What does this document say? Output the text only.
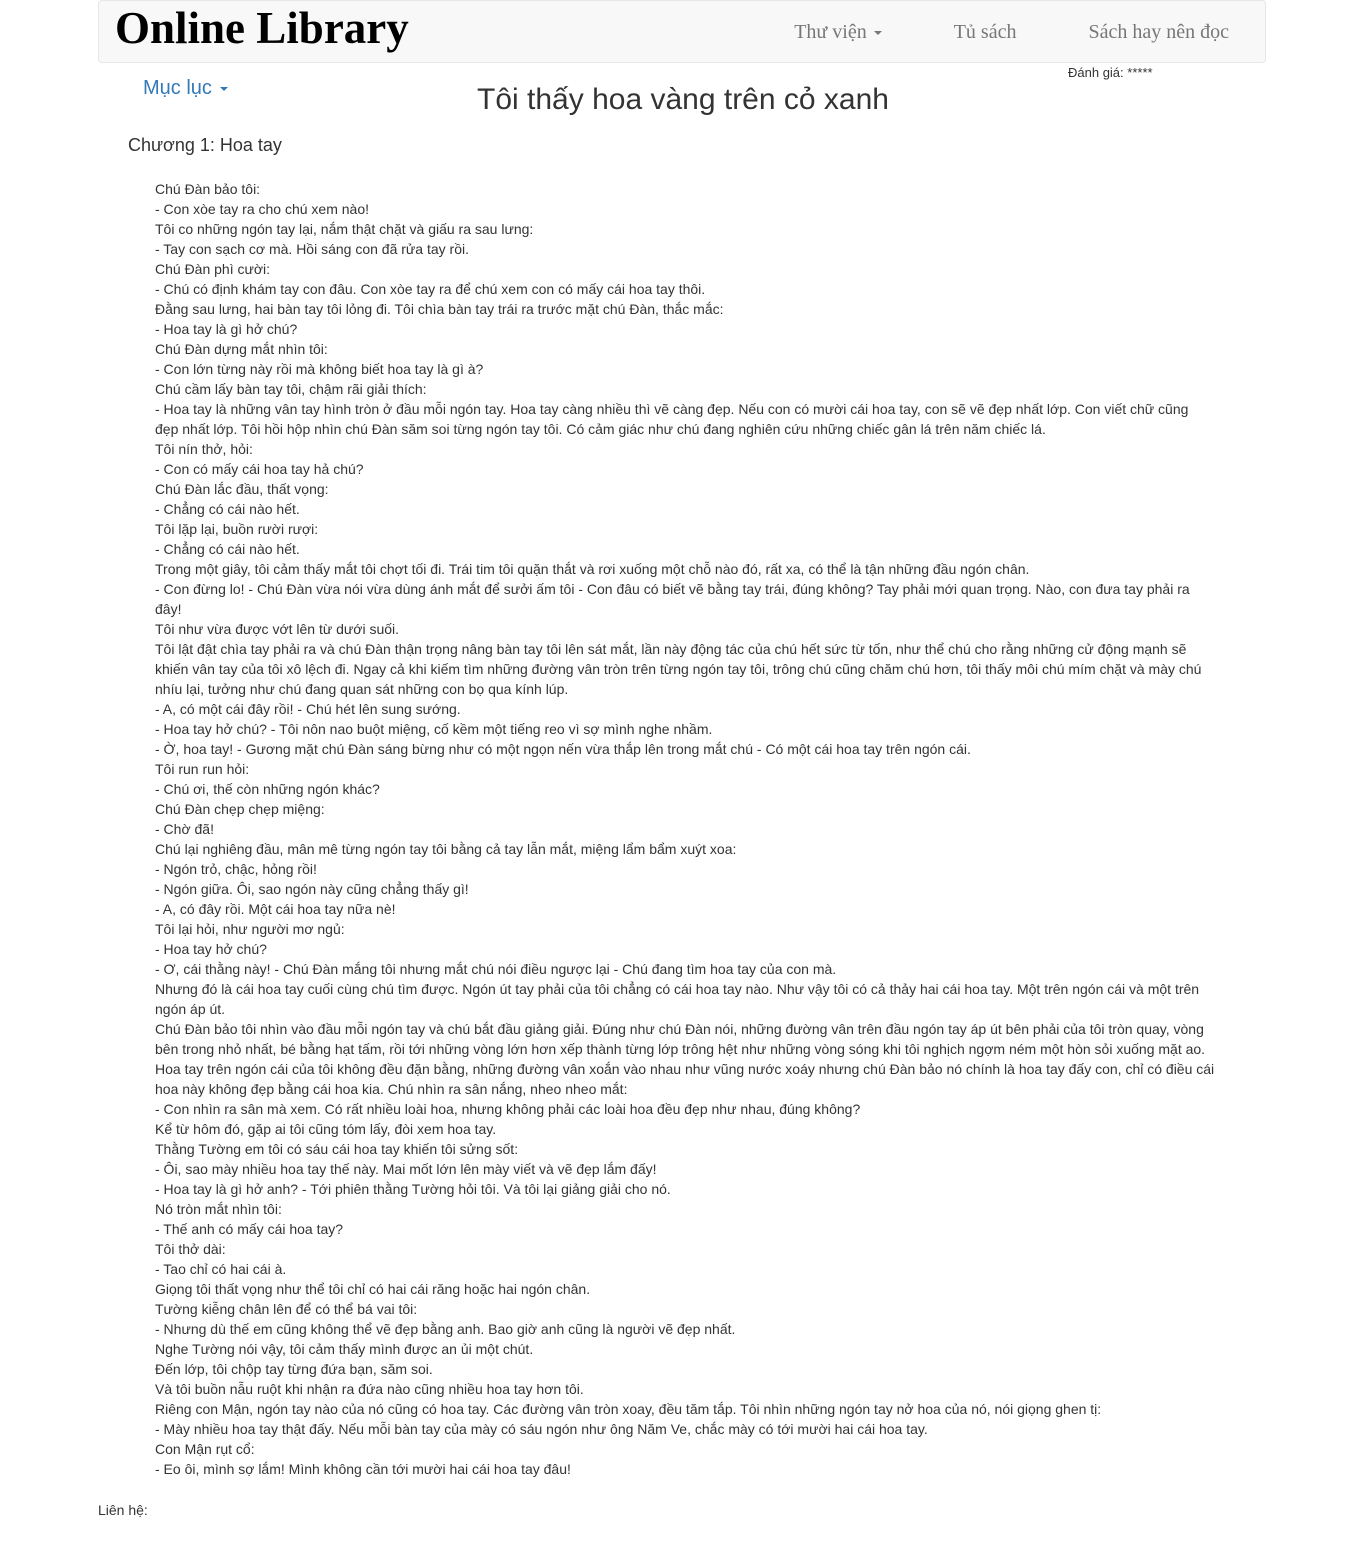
Online Library	Thư viện	Tủ sách	Sách hay nên đọc
Mục lục
Đánh giá: *****
Tôi thấy hoa vàng trên cỏ xanh
Chương 1: Hoa tay

Chú Đàn bảo tôi:

- Con xòe tay ra cho chú xem nào!

Tôi co những ngón tay lại, nắm thật chặt và giấu ra sau lưng:

- Tay con sạch cơ mà. Hồi sáng con đã rửa tay rồi.

Chú Đàn phì cười:

- Chú có định khám tay con đâu. Con xòe tay ra để chú xem con có mấy cái hoa tay thôi.

Đằng sau lưng, hai bàn tay tôi lỏng đi. Tôi chìa bàn tay trái ra trước mặt chú Đàn, thắc mắc:

- Hoa tay là gì hở chú?

Chú Đàn dựng mắt nhìn tôi:

- Con lớn từng này rồi mà không biết hoa tay là gì à?

Chú cầm lấy bàn tay tôi, chậm rãi giải thích:

- Hoa tay là những vân tay hình tròn ở đầu mỗi ngón tay. Hoa tay càng nhiều thì vẽ càng đẹp. Nếu con có mười cái hoa tay, con sẽ vẽ đẹp nhất lớp. Con viết chữ cũng đẹp nhất lớp. Tôi hồi hộp nhìn chú Đàn săm soi từng ngón tay tôi. Có cảm giác như chú đang nghiên cứu những chiếc gân lá trên năm chiếc lá.

Tôi nín thở, hỏi:

- Con có mấy cái hoa tay hả chú?

Chú Đàn lắc đầu, thất vọng:

- Chẳng có cái nào hết.

Tôi lặp lại, buồn rười rượi:

- Chẳng có cái nào hết.

Trong một giây, tôi cảm thấy mắt tôi chợt tối đi. Trái tim tôi quặn thắt và rơi xuống một chỗ nào đó, rất xa, có thể là tận những đầu ngón chân.

- Con đừng lo! - Chú Đàn vừa nói vừa dùng ánh mắt để sưởi ấm tôi - Con đâu có biết vẽ bằng tay trái, đúng không? Tay phải mới quan trọng. Nào, con đưa tay phải ra đây!

Tôi như vừa được vớt lên từ dưới suối.

Tôi lật đật chìa tay phải ra và chú Đàn thận trọng nâng bàn tay tôi lên sát mắt, lần này động tác của chú hết sức từ tốn, như thể chú cho rằng những cử động mạnh sẽ khiến vân tay của tôi xô lệch đi. Ngay cả khi kiếm tìm những đường vân tròn trên từng ngón tay tôi, trông chú cũng chăm chú hơn, tôi thấy môi chú mím chặt và mày chú nhíu lại, tưởng như chú đang quan sát những con bọ qua kính lúp.

- A, có một cái đây rồi! - Chú hét lên sung sướng.

- Hoa tay hở chú? - Tôi nôn nao buột miệng, cố kềm một tiếng reo vì sợ mình nghe nhầm.

- Ờ, hoa tay! - Gương mặt chú Đàn sáng bừng như có một ngọn nến vừa thắp lên trong mắt chú - Có một cái hoa tay trên ngón cái.

Tôi run run hỏi:

- Chú ơi, thế còn những ngón khác?

Chú Đàn chẹp chẹp miệng:

- Chờ đã!

Chú lại nghiêng đầu, mân mê từng ngón tay tôi bằng cả tay lẫn mắt, miệng lẩm bẩm xuýt xoa:

- Ngón trỏ, chậc, hỏng rồi!

- Ngón giữa. Ôi, sao ngón này cũng chẳng thấy gì!

- A, có đây rồi. Một cái hoa tay nữa nè!

Tôi lại hỏi, như người mơ ngủ:

- Hoa tay hở chú?

- Ơ, cái thằng này! - Chú Đàn mắng tôi nhưng mắt chú nói điều ngược lại - Chú đang tìm hoa tay của con mà.

Nhưng đó là cái hoa tay cuối cùng chú tìm được. Ngón út tay phải của tôi chẳng có cái hoa tay nào. Như vậy tôi có cả thảy hai cái hoa tay. Một trên ngón cái và một trên ngón áp út.

Chú Đàn bảo tôi nhìn vào đầu mỗi ngón tay và chú bắt đầu giảng giải. Đúng như chú Đàn nói, những đường vân trên đầu ngón tay áp út bên phải của tôi tròn quay, vòng bên trong nhỏ nhất, bé bằng hạt tấm, rồi tới những vòng lớn hơn xếp thành từng lớp trông hệt như những vòng sóng khi tôi nghịch ngợm ném một hòn sỏi xuống mặt ao. Hoa tay trên ngón cái của tôi không đều đặn bằng, những đường vân xoắn vào nhau như vũng nước xoáy nhưng chú Đàn bảo nó chính là hoa tay đấy con, chỉ có điều cái hoa này không đẹp bằng cái hoa kia. Chú nhìn ra sân nắng, nheo nheo mắt:

- Con nhìn ra sân mà xem. Có rất nhiều loài hoa, nhưng không phải các loài hoa đều đẹp như nhau, đúng không?

Kể từ hôm đó, gặp ai tôi cũng tóm lấy, đòi xem hoa tay.

Thằng Tường em tôi có sáu cái hoa tay khiến tôi sửng sốt:

- Ôi, sao mày nhiều hoa tay thế này. Mai mốt lớn lên mày viết và vẽ đẹp lắm đấy!

- Hoa tay là gì hở anh? - Tới phiên thằng Tường hỏi tôi. Và tôi lại giảng giải cho nó.

Nó tròn mắt nhìn tôi:

- Thế anh có mấy cái hoa tay?

Tôi thở dài:

- Tao chỉ có hai cái à.

Giọng tôi thất vọng như thể tôi chỉ có hai cái răng hoặc hai ngón chân.

Tường kiễng chân lên để có thể bá vai tôi:

- Nhưng dù thế em cũng không thể vẽ đẹp bằng anh. Bao giờ anh cũng là người vẽ đẹp nhất.

Nghe Tường nói vậy, tôi cảm thấy mình được an ủi một chút.

Đến lớp, tôi chộp tay từng đứa bạn, săm soi.

Và tôi buồn nẫu ruột khi nhận ra đứa nào cũng nhiều hoa tay hơn tôi.

Riêng con Mận, ngón tay nào của nó cũng có hoa tay. Các đường vân tròn xoay, đều tăm tắp. Tôi nhìn những ngón tay nở hoa của nó, nói giọng ghen tị:

- Mày nhiều hoa tay thật đấy. Nếu mỗi bàn tay của mày có sáu ngón như ông Năm Ve, chắc mày có tới mười hai cái hoa tay.

Con Mận rụt cổ:

- Eo ôi, mình sợ lắm! Mình không cần tới mười hai cái hoa tay đâu!

Liên hệ:
